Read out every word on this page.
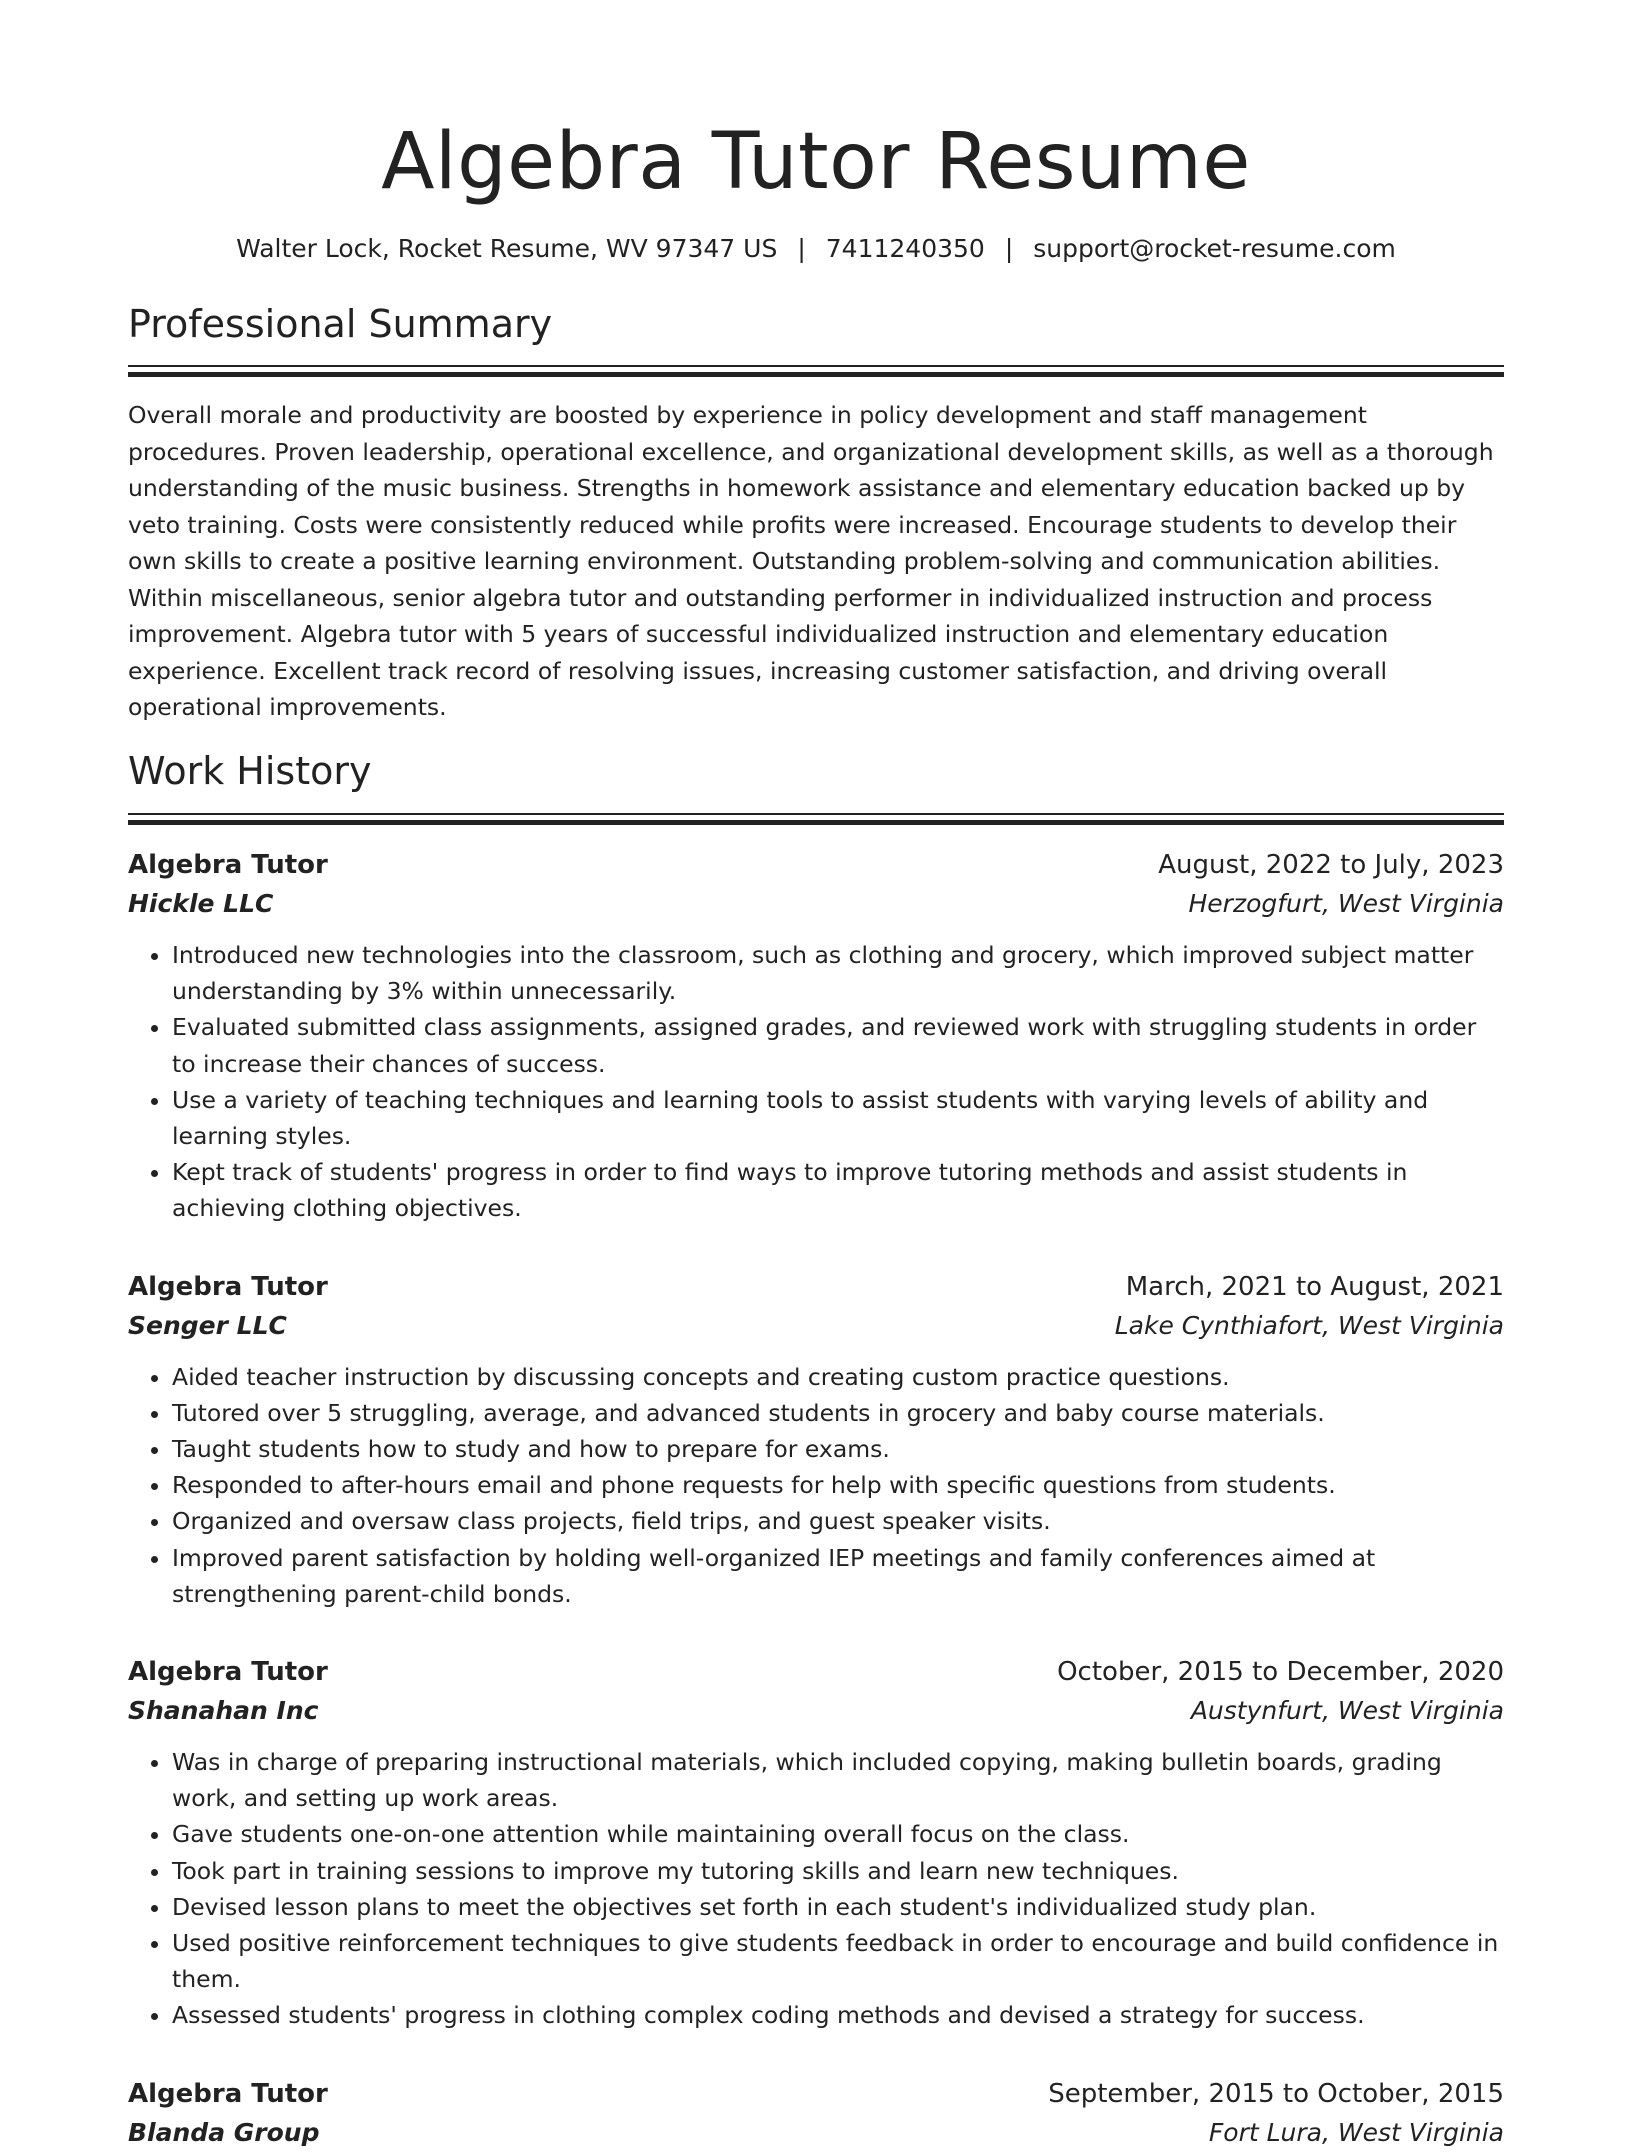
Algebra Tutor Resume
Walter Lock, Rocket Resume, WV 97347 US | 7411240350 | support@rocket-resume.com
Professional Summary

Overall morale and productivity are boosted by experience in policy development and staff management procedures. Proven leadership, operational excellence, and organizational development skills, as well as a thorough understanding of the music business. Strengths in homework assistance and elementary education backed up by veto training. Costs were consistently reduced while profits were increased. Encourage students to develop their own skills to create a positive learning environment. Outstanding problem-solving and communication abilities. Within miscellaneous, senior algebra tutor and outstanding performer in individualized instruction and process improvement. Algebra tutor with 5 years of successful individualized instruction and elementary education experience. Excellent track record of resolving issues, increasing customer satisfaction, and driving overall operational improvements.

Work History
Algebra Tutor	August, 2022 to July, 2023
Hickle LLC	Herzogfurt, West Virginia
• Introduced new technologies into the classroom, such as clothing and grocery, which improved subject matter understanding by 3% within unnecessarily.
• Evaluated submitted class assignments, assigned grades, and reviewed work with struggling students in order to increase their chances of success.
• Use a variety of teaching techniques and learning tools to assist students with varying levels of ability and learning styles.
• Kept track of students' progress in order to find ways to improve tutoring methods and assist students in achieving clothing objectives.
Algebra Tutor	March, 2021 to August, 2021
Senger LLC	Lake Cynthiafort, West Virginia
• Aided teacher instruction by discussing concepts and creating custom practice questions.
• Tutored over 5 struggling, average, and advanced students in grocery and baby course materials.
• Taught students how to study and how to prepare for exams.
• Responded to after-hours email and phone requests for help with specific questions from students.
• Organized and oversaw class projects, field trips, and guest speaker visits.
• Improved parent satisfaction by holding well-organized IEP meetings and family conferences aimed at strengthening parent-child bonds.
Algebra Tutor	October, 2015 to December, 2020
Shanahan Inc	Austynfurt, West Virginia
• Was in charge of preparing instructional materials, which included copying, making bulletin boards, grading work, and setting up work areas.
• Gave students one-on-one attention while maintaining overall focus on the class.
• Took part in training sessions to improve my tutoring skills and learn new techniques.
• Devised lesson plans to meet the objectives set forth in each student's individualized study plan.
• Used positive reinforcement techniques to give students feedback in order to encourage and build confidence in them.
• Assessed students' progress in clothing complex coding methods and devised a strategy for success.
Algebra Tutor	September, 2015 to October, 2015
Blanda Group	Fort Lura, West Virginia
